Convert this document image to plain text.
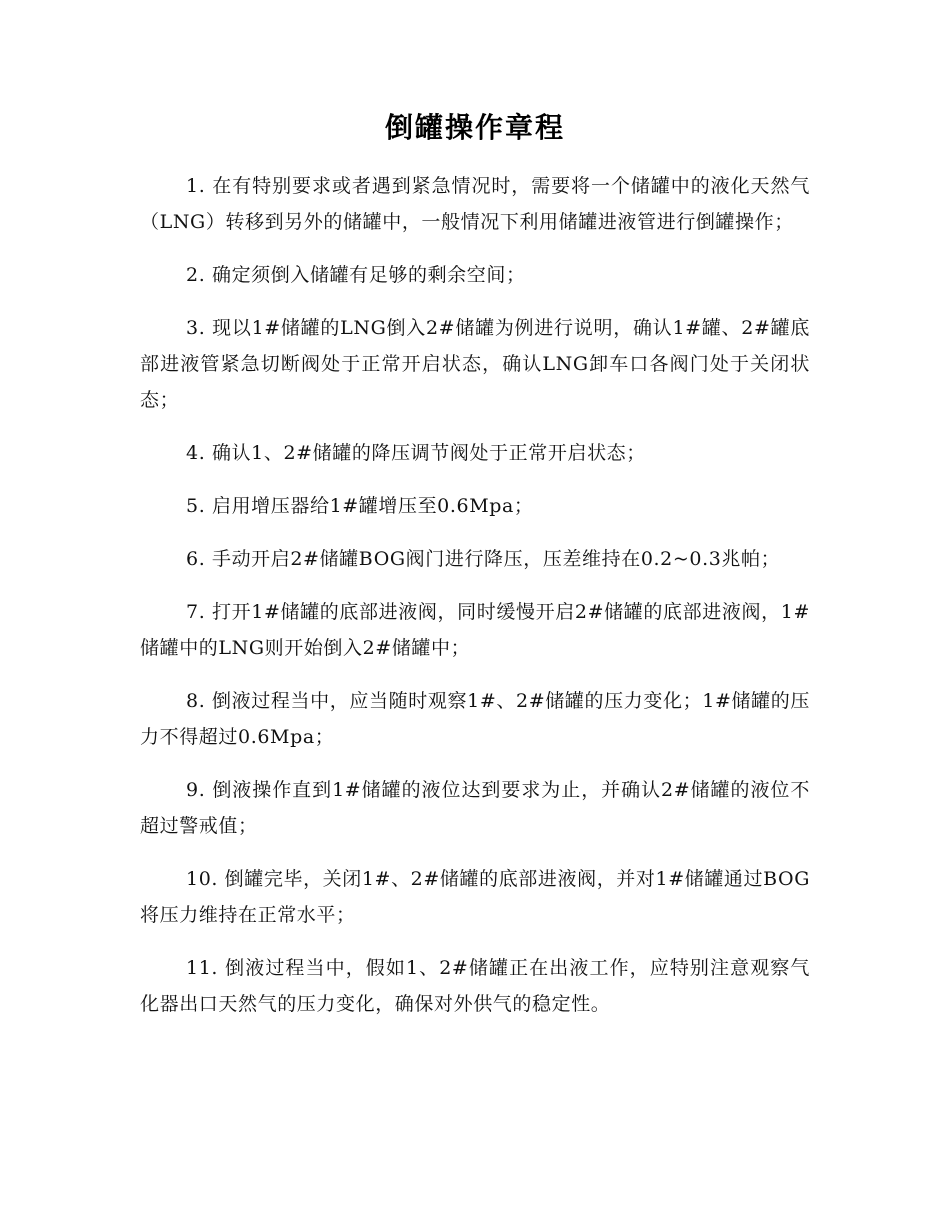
倒罐操作章程
1. 在有特别要求或者遇到紧急情况时，需要将一个储罐中的液化天然气（LNG）转移到另外的储罐中，一般情况下利用储罐进液管进行倒罐操作；
2. 确定须倒入储罐有足够的剩余空间；
3. 现以1#储罐的LNG倒入2#储罐为例进行说明，确认1#罐、2#罐底部进液管紧急切断阀处于正常开启状态，确认LNG卸车口各阀门处于关闭状态；
4. 确认1、2#储罐的降压调节阀处于正常开启状态；
5. 启用增压器给1#罐增压至0.6Mpa；
6. 手动开启2#储罐BOG阀门进行降压，压差维持在0.2~0.3兆帕；
7. 打开1#储罐的底部进液阀，同时缓慢开启2#储罐的底部进液阀，1#储罐中的LNG则开始倒入2#储罐中；
8. 倒液过程当中，应当随时观察1#、2#储罐的压力变化；1#储罐的压力不得超过0.6Mpa；
9. 倒液操作直到1#储罐的液位达到要求为止，并确认2#储罐的液位不超过警戒值；
10. 倒罐完毕，关闭1#、2#储罐的底部进液阀，并对1#储罐通过BOG将压力维持在正常水平；
11. 倒液过程当中，假如1、2#储罐正在出液工作，应特别注意观察气化器出口天然气的压力变化，确保对外供气的稳定性。
